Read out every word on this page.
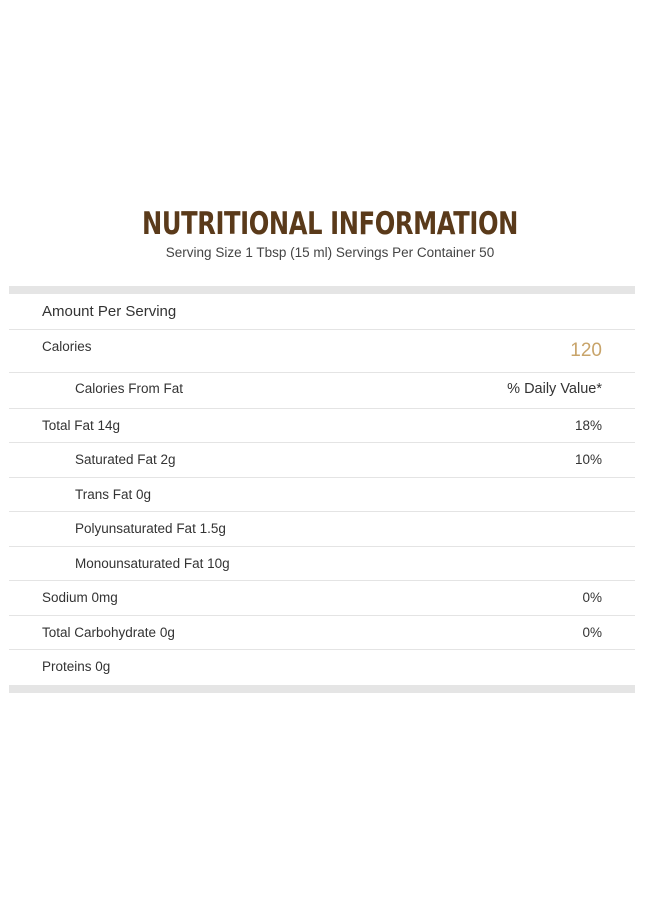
NUTRITIONAL INFORMATION
Serving Size 1 Tbsp (15 ml) Servings Per Container 50
Amount Per Serving
Calories	120
Calories From Fat	% Daily Value*
Total Fat 14g	18%
Saturated Fat 2g	10%
Trans Fat 0g
Polyunsaturated Fat 1.5g
Monounsaturated Fat 10g
Sodium 0mg	0%
Total Carbohydrate 0g	0%
Proteins 0g
